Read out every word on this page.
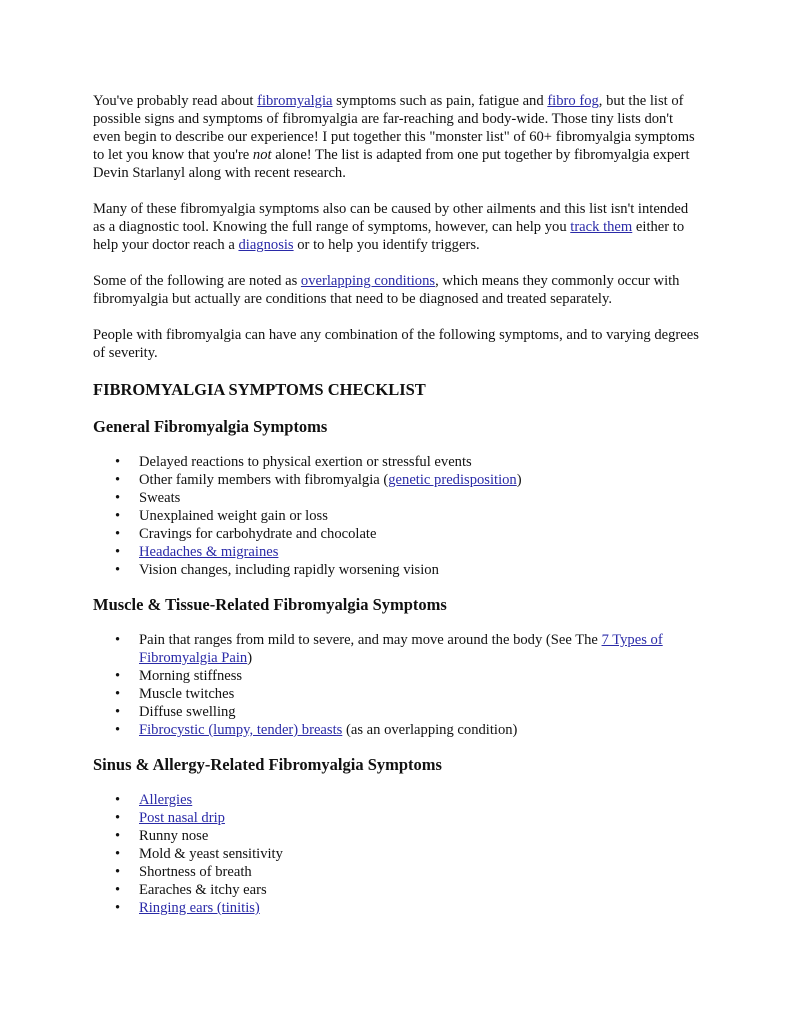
You've probably read about fibromyalgia symptoms such as pain, fatigue and fibro fog, but the list of possible signs and symptoms of fibromyalgia are far-reaching and body-wide. Those tiny lists don't even begin to describe our experience! I put together this "monster list" of 60+ fibromyalgia symptoms to let you know that you're not alone! The list is adapted from one put together by fibromyalgia expert Devin Starlanyl along with recent research.

Many of these fibromyalgia symptoms also can be caused by other ailments and this list isn't intended as a diagnostic tool. Knowing the full range of symptoms, however, can help you track them either to help your doctor reach a diagnosis or to help you identify triggers.

Some of the following are noted as overlapping conditions, which means they commonly occur with fibromyalgia but actually are conditions that need to be diagnosed and treated separately.

People with fibromyalgia can have any combination of the following symptoms, and to varying degrees of severity.

FIBROMYALGIA SYMPTOMS CHECKLIST
General Fibromyalgia Symptoms
• Delayed reactions to physical exertion or stressful events
• Other family members with fibromyalgia (genetic predisposition)
• Sweats
• Unexplained weight gain or loss
• Cravings for carbohydrate and chocolate
• Headaches & migraines
• Vision changes, including rapidly worsening vision
Muscle & Tissue-Related Fibromyalgia Symptoms
• Pain that ranges from mild to severe, and may move around the body (See The 7 Types of Fibromyalgia Pain)
• Morning stiffness
• Muscle twitches
• Diffuse swelling
• Fibrocystic (lumpy, tender) breasts (as an overlapping condition)
Sinus & Allergy-Related Fibromyalgia Symptoms
• Allergies
• Post nasal drip
• Runny nose
• Mold & yeast sensitivity
• Shortness of breath
• Earaches & itchy ears
• Ringing ears (tinitis)
